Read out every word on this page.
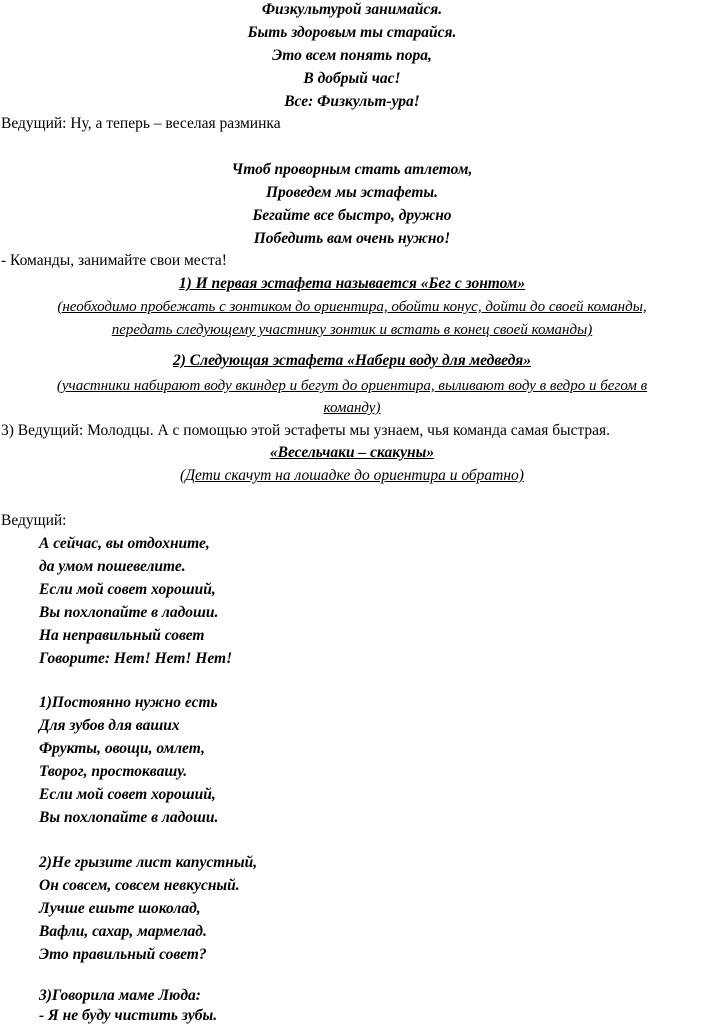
Физкультурой занимайся.
Быть здоровым ты старайся.
Это всем понять пора,
В добрый час!
Все: Физкульт-ура!
Ведущий: Ну, а теперь – веселая разминка
Чтоб проворным стать атлетом,
Проведем мы эстафеты.
Бегайте все быстро, дружно
Победить вам очень нужно!
- Команды, занимайте свои места!
1) И первая эстафета называется «Бег с зонтом»
(необходимо пробежать с зонтиком до ориентира, обойти конус, дойти до своей команды,
передать следующему участнику зонтик и встать в конец своей команды)
2) Следующая эстафета «Набери воду для медведя»
(участники набирают воду вкиндер и бегут до ориентира, выливают воду в ведро и бегом в
команду)
3) Ведущий: Молодцы. А с помощью этой эстафеты мы узнаем, чья команда самая быстрая.
«Весельчаки – скакуны»
(Дети скачут на лошадке до ориентира и обратно)
Ведущий:
А сейчас, вы отдохните,
да умом пошевелите.
Если мой совет хороший,
Вы похлопайте в ладоши.
На неправильный совет
Говорите: Нет! Нет! Нет!
1)Постоянно нужно есть
Для зубов для ваших
Фрукты, овощи, омлет,
Творог, простоквашу.
Если мой совет хороший,
Вы похлопайте в ладоши.
2)Не грызите лист капустный,
Он совсем, совсем невкусный.
Лучше ешьте шоколад,
Вафли, сахар, мармелад.
Это правильный совет?
3)Говорила маме Люда:
- Я не буду чистить зубы.
